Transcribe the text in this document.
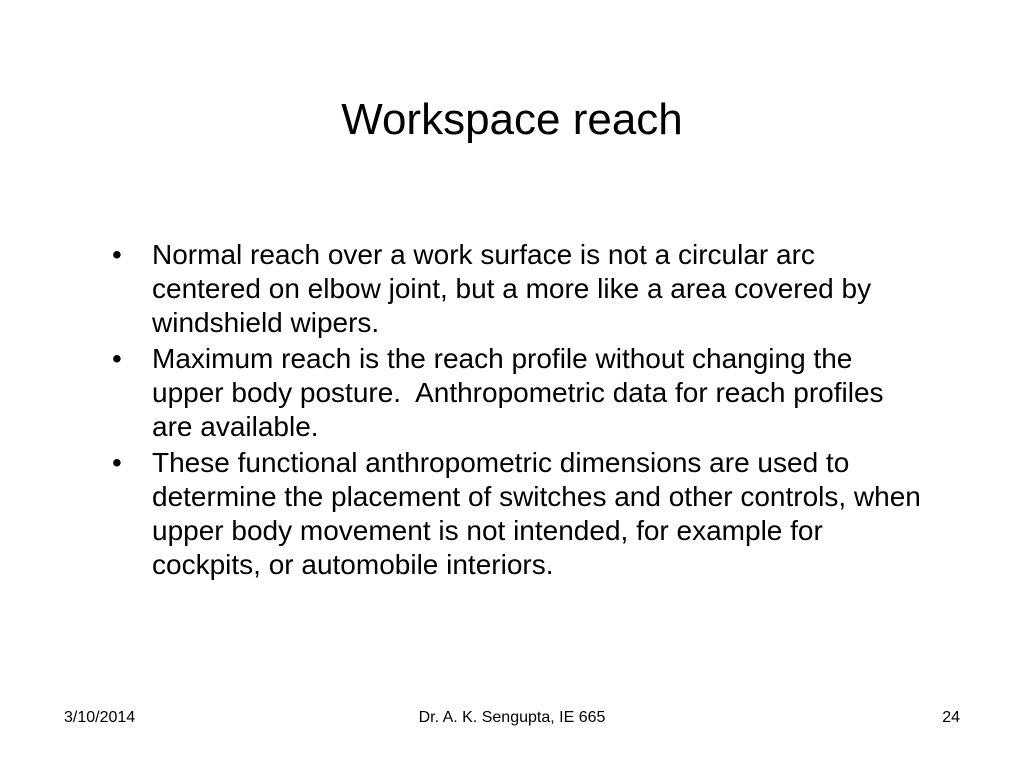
Workspace reach
•	Normal reach over a work surface is not a circular arc centered on elbow joint, but a more like a area covered by windshield wipers.
•	Maximum reach is the reach profile without changing the upper body posture.  Anthropometric data for reach profiles are available.
•	These functional anthropometric dimensions are used to determine the placement of switches and other controls, when upper body movement is not intended, for example for cockpits, or automobile interiors.
3/10/2014	Dr. A. K. Sengupta, IE 665	24
